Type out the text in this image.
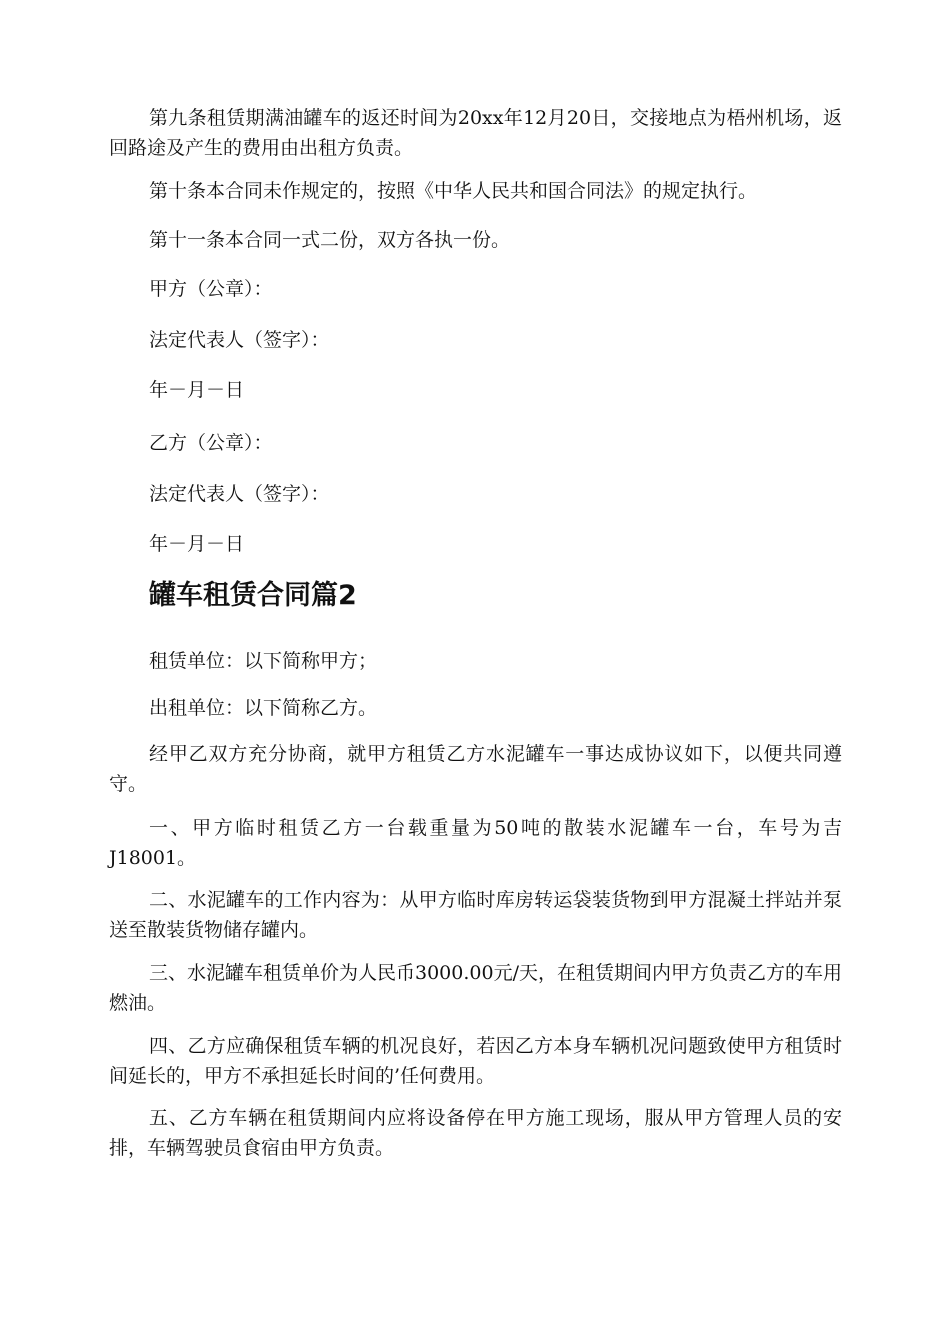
第九条租赁期满油罐车的返还时间为20xx年12月20日，交接地点为梧州机场，返回路途及产生的费用由出租方负责。

第十条本合同未作规定的，按照《中华人民共和国合同法》的规定执行。

第十一条本合同一式二份，双方各执一份。

甲方（公章）：

法定代表人（签字）：

年－月－日

乙方（公章）：

法定代表人（签字）：

年－月－日

罐车租赁合同篇2

租赁单位：以下简称甲方；

出租单位：以下简称乙方。

经甲乙双方充分协商，就甲方租赁乙方水泥罐车一事达成协议如下，以便共同遵守。

一、甲方临时租赁乙方一台载重量为50吨的散装水泥罐车一台，车号为吉J18001。

二、水泥罐车的工作内容为：从甲方临时库房转运袋装货物到甲方混凝土拌站并泵送至散装货物储存罐内。

三、水泥罐车租赁单价为人民币3000.00元/天，在租赁期间内甲方负责乙方的车用燃油。

四、乙方应确保租赁车辆的机况良好，若因乙方本身车辆机况问题致使甲方租赁时间延长的，甲方不承担延长时间的’任何费用。

五、乙方车辆在租赁期间内应将设备停在甲方施工现场，服从甲方管理人员的安排，车辆驾驶员食宿由甲方负责。
